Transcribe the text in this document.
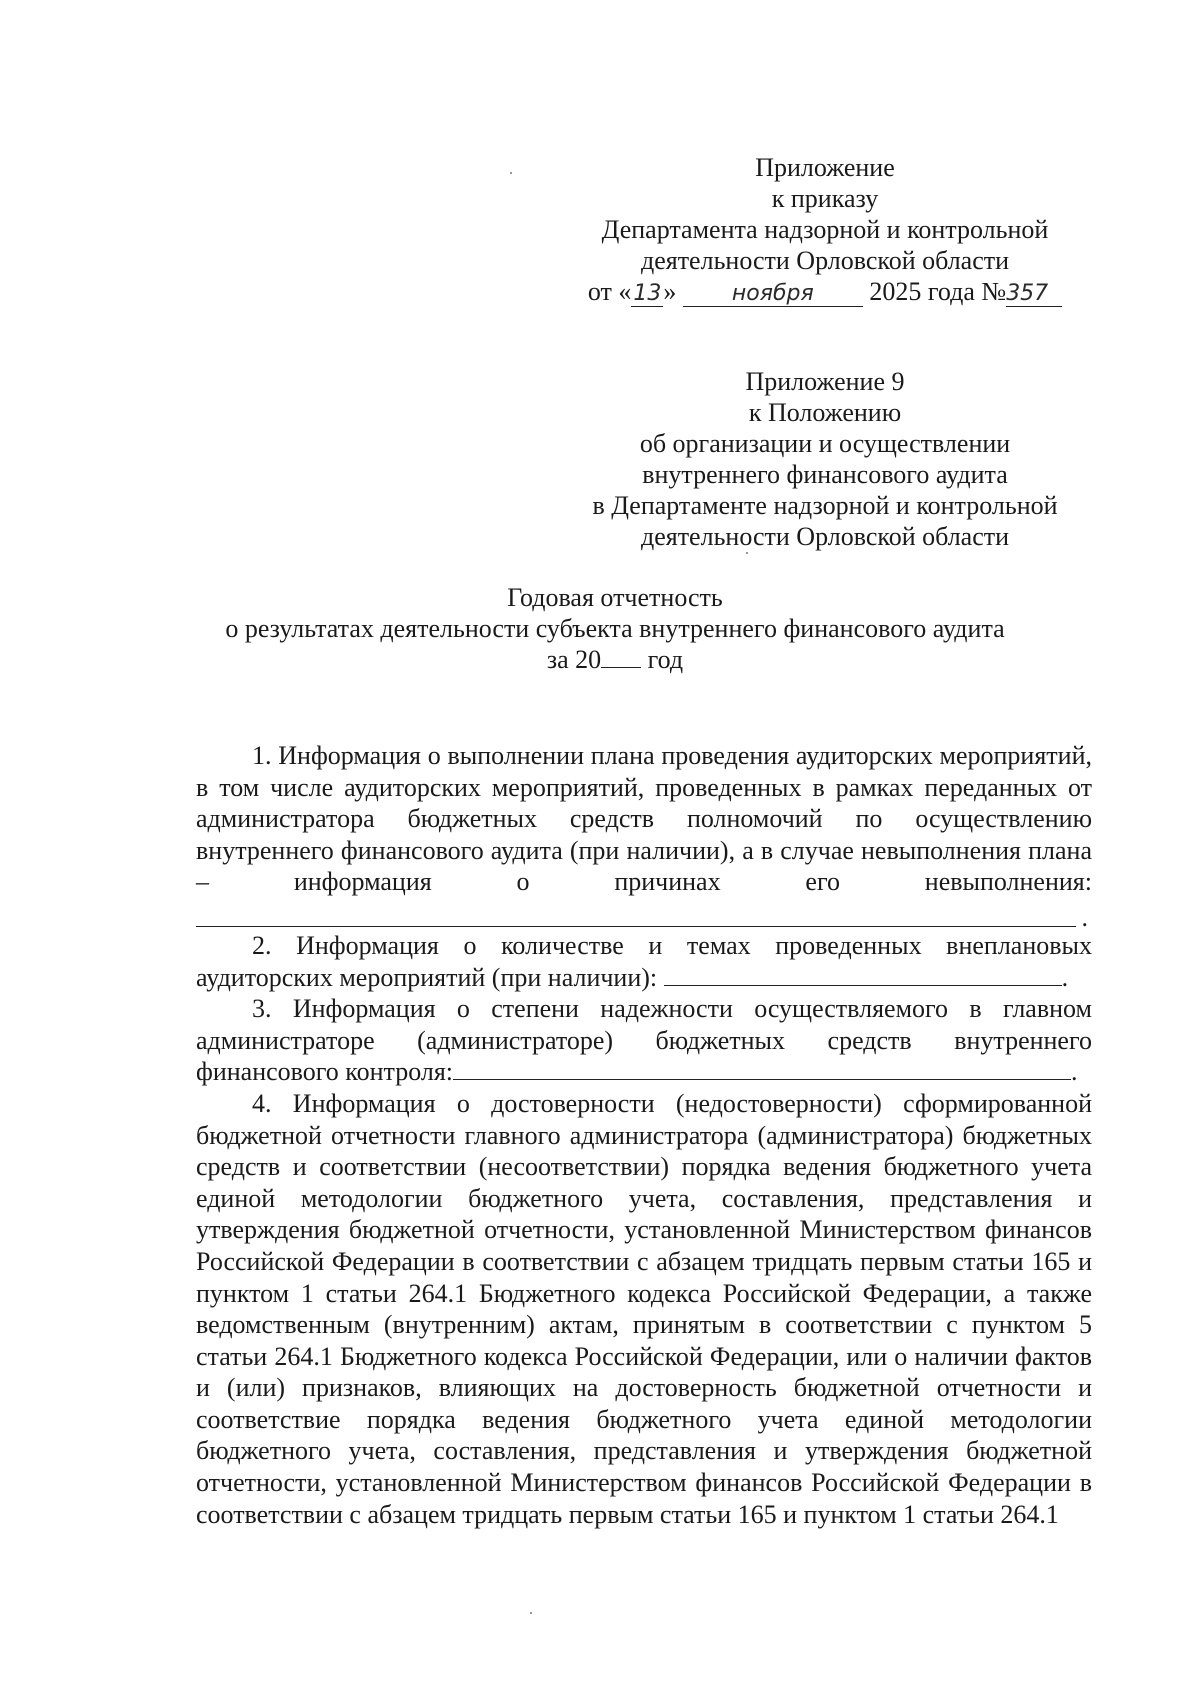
Приложение
к приказу
Департамента надзорной и контрольной
деятельности Орловской области
от «13»	ноября 2025 года №357
Приложение 9
к Положению
об организации и осуществлении
внутреннего финансового аудита
в Департаменте надзорной и контрольной
деятельности Орловской области
Годовая отчетность
о результатах деятельности субъекта внутреннего финансового аудита
за 20 год

1. Информация о выполнении плана проведения аудиторских мероприятий, в том числе аудиторских мероприятий, проведенных в рамках переданных от администратора бюджетных средств полномочий по осуществлению внутреннего финансового аудита (при наличии), а в случае невыполнения плана – информация о причинах его невыполнения:

.

2. Информация о количестве и темах проведенных внеплановых аудиторских мероприятий (при наличии):	.

3. Информация о степени надежности осуществляемого в главном администраторе (администраторе) бюджетных средств внутреннего финансового контроля:	.

4. Информация о достоверности (недостоверности) сформированной бюджетной отчетности главного администратора (администратора) бюджетных средств и соответствии (несоответствии) порядка ведения бюджетного учета единой методологии бюджетного учета, составления, представления и утверждения бюджетной отчетности, установленной Министерством финансов Российской Федерации в соответствии с абзацем тридцать первым статьи 165 и пунктом 1 статьи 264.1 Бюджетного кодекса Российской Федерации, а также ведомственным (внутренним) актам, принятым в соответствии с пунктом 5 статьи 264.1 Бюджетного кодекса Российской Федерации, или о наличии фактов и (или) признаков, влияющих на достоверность бюджетной отчетности и соответствие порядка ведения бюджетного учета единой методологии бюджетного учета, составления, представления и утверждения бюджетной отчетности, установленной Министерством финансов Российской Федерации в соответствии с абзацем тридцать первым статьи 165 и пунктом 1 статьи 264.1
